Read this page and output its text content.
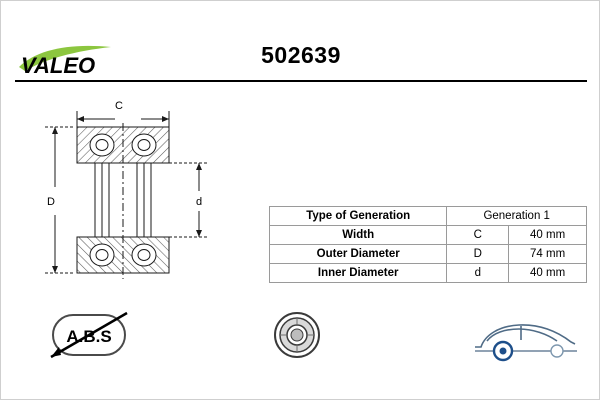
VALEO	502639
C
D	d
Type of Generation	Generation 1	
Width	C	40 mm
Outer Diameter	D	74 mm
Inner Diameter	d	40 mm
A.B.S
